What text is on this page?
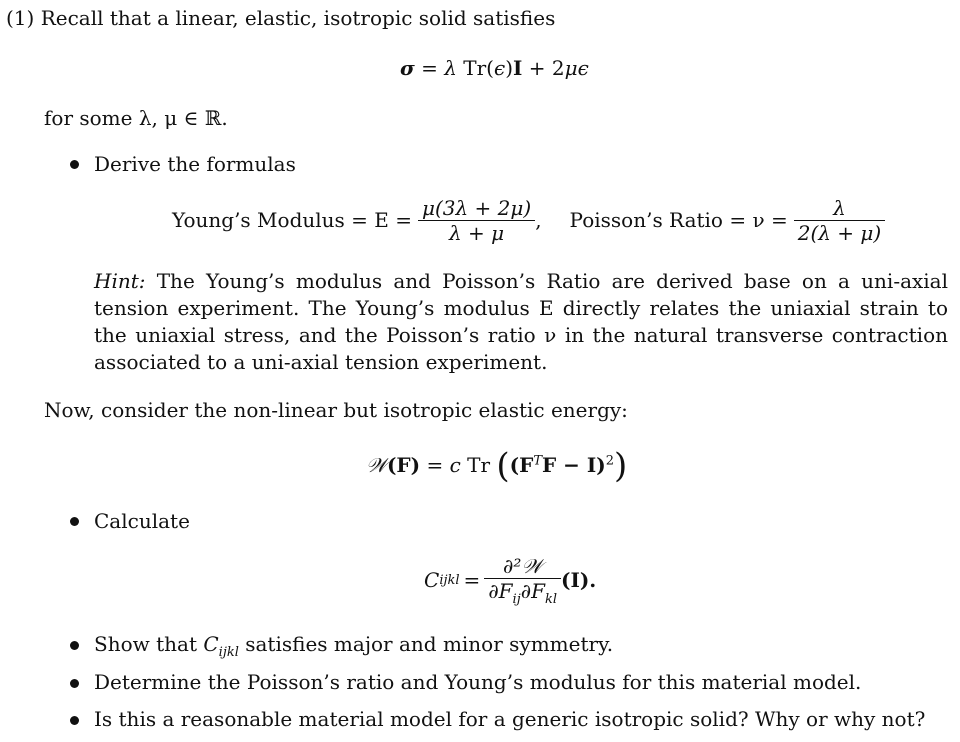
(1) Recall that a linear, elastic, isotropic solid satisfies
σ = λ Tr(ϵ)I + 2μϵ
for some λ, μ ∈ ℝ.
Derive the formulas
Young’s Modulus = $E = \frac{\mu(3\lambda + 2\mu)}{\lambda + \mu}$ , Poisson’s Ratio = $\nu = \frac{\lambda}{2(\lambda + \mu)}$
Hint: The Young’s modulus and Poisson’s Ratio are derived base on a uni-axial tension experiment. The Young’s modulus E directly relates the uniaxial strain to the uniaxial stress, and the Poisson’s ratio ν in the natural transverse contraction associated to a uni-axial tension experiment.
Now, consider the non-linear but isotropic elastic energy:
𝒲(F) = c Tr $((F^TF - I)^2)$
Calculate
C ijkl = $\frac{\text{∂²𝒲}}{\partial F_{ij}\partial F_{kl}} (I)$.
Show that $C_{ijkl}$ satisfies major and minor symmetry.
Determine the Poisson’s ratio and Young’s modulus for this material model.
Is this a reasonable material model for a generic isotropic solid? Why or why not?
